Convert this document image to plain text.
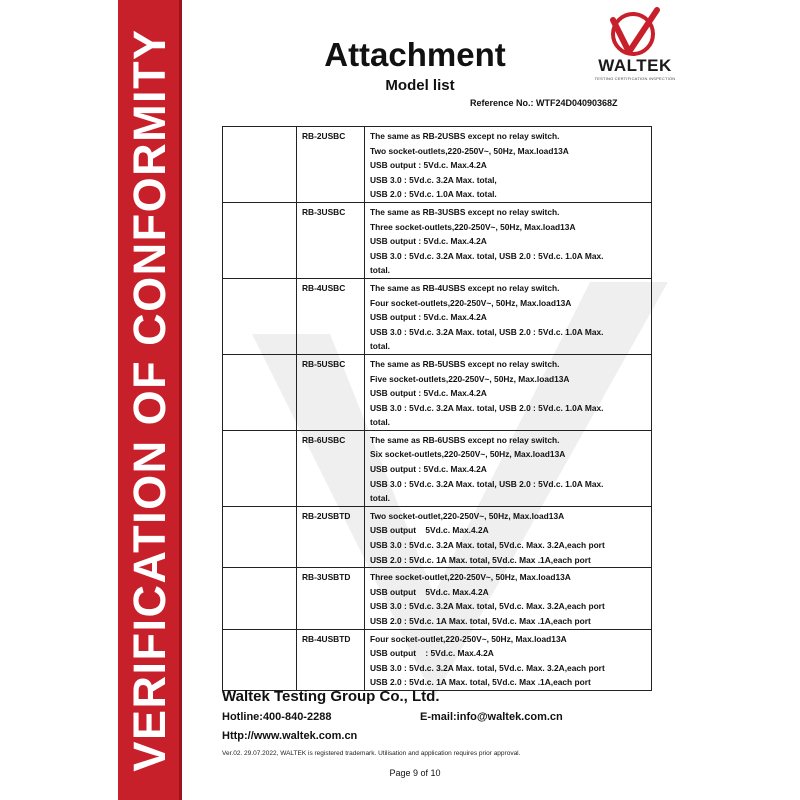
VERIFICATION OF CONFORMITY	WALTEK
TESTING CERTIFICATION INSPECTION
Attachment
Model list
Reference No.: WTF24D04090368Z
	RB-2USBC	The same as RB-2USBS except no relay switch.
Two socket-outlets,220-250V~, 50Hz, Max.load13A
USB output : 5Vd.c. Max.4.2A
USB 3.0 : 5Vd.c. 3.2A Max. total,
USB 2.0 : 5Vd.c. 1.0A Max. total.

	RB-3USBC	The same as RB-3USBS except no relay switch.
Three socket-outlets,220-250V~, 50Hz, Max.load13A
USB output : 5Vd.c. Max.4.2A
USB 3.0 : 5Vd.c. 3.2A Max. total, USB 2.0 : 5Vd.c. 1.0A Max.
total.

	RB-4USBC	The same as RB-4USBS except no relay switch.
Four socket-outlets,220-250V~, 50Hz, Max.load13A
USB output : 5Vd.c. Max.4.2A
USB 3.0 : 5Vd.c. 3.2A Max. total, USB 2.0 : 5Vd.c. 1.0A Max.
total.

	RB-5USBC	The same as RB-5USBS except no relay switch.
Five socket-outlets,220-250V~, 50Hz, Max.load13A
USB output : 5Vd.c. Max.4.2A
USB 3.0 : 5Vd.c. 3.2A Max. total, USB 2.0 : 5Vd.c. 1.0A Max.
total.

	RB-6USBC	The same as RB-6USBS except no relay switch.
Six socket-outlets,220-250V~, 50Hz, Max.load13A
USB output : 5Vd.c. Max.4.2A
USB 3.0 : 5Vd.c. 3.2A Max. total, USB 2.0 : 5Vd.c. 1.0A Max.
total.

	RB-2USBTD	Two socket-outlet,220-250V~, 50Hz, Max.load13A
USB output    5Vd.c. Max.4.2A
USB 3.0 : 5Vd.c. 3.2A Max. total, 5Vd.c. Max. 3.2A,each port
USB 2.0 : 5Vd.c. 1A Max. total, 5Vd.c. Max .1A,each port

	RB-3USBTD	Three socket-outlet,220-250V~, 50Hz, Max.load13A
USB output    5Vd.c. Max.4.2A
USB 3.0 : 5Vd.c. 3.2A Max. total, 5Vd.c. Max. 3.2A,each port
USB 2.0 : 5Vd.c. 1A Max. total, 5Vd.c. Max .1A,each port

	RB-4USBTD	Four socket-outlet,220-250V~, 50Hz, Max.load13A
USB output    : 5Vd.c. Max.4.2A
USB 3.0 : 5Vd.c. 3.2A Max. total, 5Vd.c. Max. 3.2A,each port
USB 2.0 : 5Vd.c. 1A Max. total, 5Vd.c. Max .1A,each port
Waltek Testing Group Co., Ltd.
Hotline:400-840-2288	E-mail:info@waltek.com.cn
Http://www.waltek.com.cn
Ver.02. 29.07.2022, WALTEK is registered trademark. Utilisation and application requires prior approval.
Page 9 of 10
